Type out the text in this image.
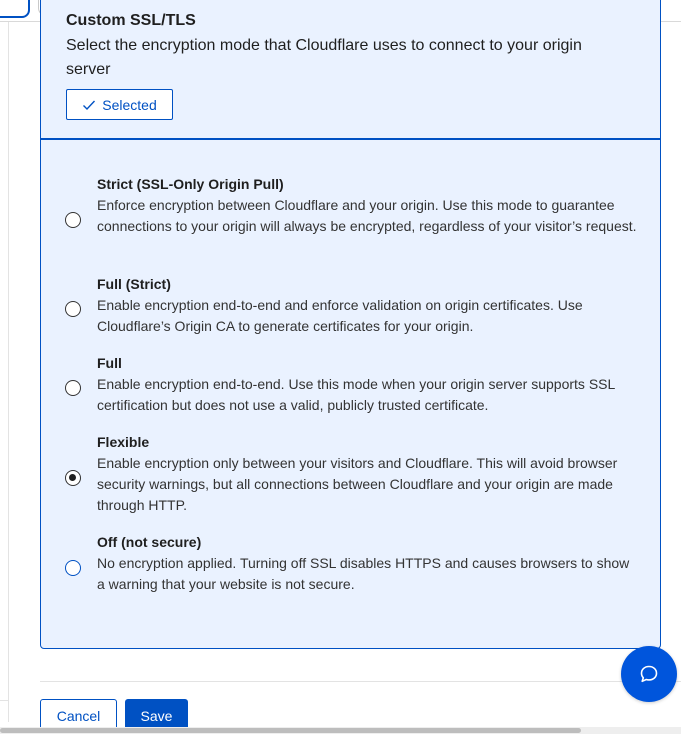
Custom SSL/TLS
Select the encryption mode that Cloudflare uses to connect to your origin server
Selected
Strict (SSL-Only Origin Pull)
Enforce encryption between Cloudflare and your origin. Use this mode to guarantee connections to your origin will always be encrypted, regardless of your visitor’s request.
Full (Strict)
Enable encryption end-to-end and enforce validation on origin certificates. Use Cloudflare’s Origin CA to generate certificates for your origin.
Full
Enable encryption end-to-end. Use this mode when your origin server supports SSL certification but does not use a valid, publicly trusted certificate.
Flexible
Enable encryption only between your visitors and Cloudflare. This will avoid browser security warnings, but all connections between Cloudflare and your origin are made through HTTP.
Off (not secure)
No encryption applied. Turning off SSL disables HTTPS and causes browsers to show a warning that your website is not secure.
Cancel	Save
